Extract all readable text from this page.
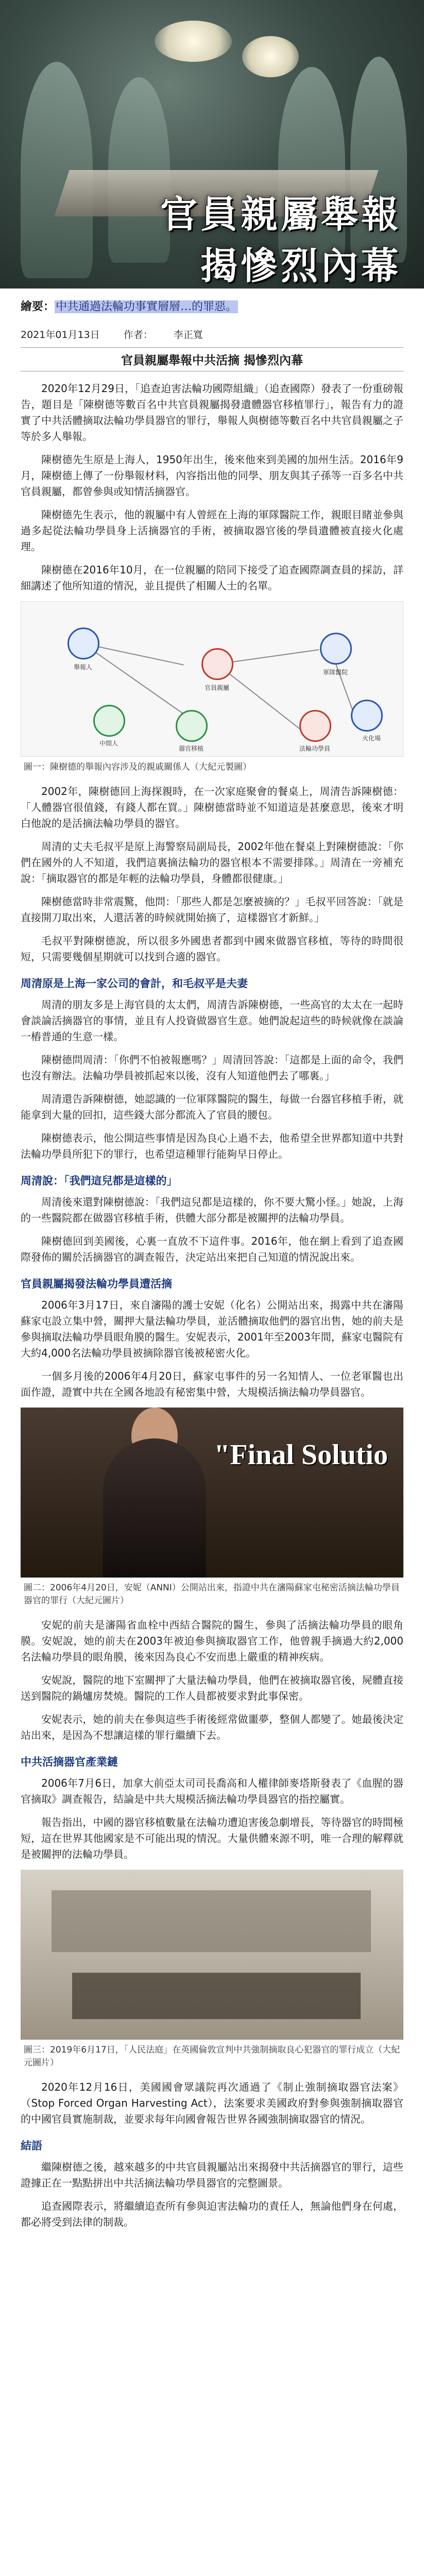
官員親屬舉報
揭慘烈內幕

繪要：中共通過法輪功事實層層…的罪惡。

2021年01月13日 作者： 李正寬
官員親屬舉報中共活摘 揭慘烈內幕

2020年12月29日，「追查迫害法輪功國際組織」（追查國際）發表了一份重磅報告，題目是「陳樹德等數百名中共官員親屬揭發遺體器官移植罪行」，報告有力的證實了中共活體摘取法輪功學員器官的罪行，舉報人與樹德等數百名中共官員親屬之子等於多人舉報。

陳樹德先生原是上海人，1950年出生，後來他來到美國的加州生活。2016年9月，陳樹德上傳了一份舉報材料，內容指出他的同學、朋友與其子孫等一百多名中共官員親屬，都曾參與或知情活摘器官。

陳樹德先生表示，他的親屬中有人曾經在上海的軍隊醫院工作，親眼目睹並參與過多起從法輪功學員身上活摘器官的手術，被摘取器官後的學員遺體被直接火化處理。

陳樹德在2016年10月，在一位親屬的陪同下接受了追查國際調查員的採訪，詳細講述了他所知道的情況，並且提供了相關人士的名單。

舉報人
官員親屬
軍隊醫院
器官移植	法輪功學員
火化場
中間人
圖一：陳樹德的舉報內容涉及的親戚關係人（大紀元製圖）

2002年，陳樹德回上海探親時，在一次家庭聚會的餐桌上，周清告訴陳樹德：「人體器官很值錢，有錢人都在買。」陳樹德當時並不知道這是甚麼意思，後來才明白他說的是活摘法輪功學員的器官。

周清的丈夫毛叔平是原上海警察局副局長，2002年他在餐桌上對陳樹德說：「你們在國外的人不知道，我們這裏摘法輪功的器官根本不需要排隊。」周清在一旁補充說：「摘取器官的都是年輕的法輪功學員，身體都很健康。」

陳樹德當時非常震驚，他問：「那些人都是怎麼被摘的？」毛叔平回答說：「就是直接開刀取出來，人還活著的時候就開始摘了，這樣器官才新鮮。」

毛叔平對陳樹德說，所以很多外國患者都到中國來做器官移植，等待的時間很短，只需要幾個星期就可以找到合適的器官。

周清原是上海一家公司的會計，和毛叔平是夫妻

周清的朋友多是上海官員的太太們，周清告訴陳樹德，一些高官的太太在一起時會談論活摘器官的事情，並且有人投資做器官生意。她們說起這些的時候就像在談論一樁普通的生意一樣。

陳樹德問周清：「你們不怕被報應嗎？」周清回答說：「這都是上面的命令，我們也沒有辦法。法輪功學員被抓起來以後，沒有人知道他們去了哪裏。」

周清還告訴陳樹德，她認識的一位軍隊醫院的醫生，每做一台器官移植手術，就能拿到大量的回扣，這些錢大部分都流入了官員的腰包。

陳樹德表示，他公開這些事情是因為良心上過不去，他希望全世界都知道中共對法輪功學員所犯下的罪行，也希望這種罪行能夠早日停止。

周清說：「我們這兒都是這樣的」

周清後來還對陳樹德說：「我們這兒都是這樣的，你不要大驚小怪。」她說，上海的一些醫院都在做器官移植手術，供體大部分都是被關押的法輪功學員。

陳樹德回到美國後，心裏一直放不下這件事。2016年，他在網上看到了追查國際發佈的關於活摘器官的調查報告，決定站出來把自己知道的情況說出來。

官員親屬揭發法輪功學員遭活摘

2006年3月17日，來自瀋陽的護士安妮（化名）公開站出來，揭露中共在瀋陽蘇家屯設立集中營，關押大量法輪功學員，並活體摘取他們的器官出售，她的前夫是參與摘取法輪功學員眼角膜的醫生。安妮表示，2001年至2003年間，蘇家屯醫院有大約4,000名法輪功學員被摘除器官後被秘密火化。

一個多月後的2006年4月20日，蘇家屯事件的另一名知情人、一位老軍醫也出面作證，證實中共在全國各地設有秘密集中營，大規模活摘法輪功學員器官。

"Final Solutio
圖二：2006年4月20日，安妮（ANNI）公開站出來，指證中共在瀋陽蘇家屯秘密活摘法輪功學員器官的罪行（大紀元圖片）

安妮的前夫是瀋陽省血栓中西結合醫院的醫生，參與了活摘法輪功學員的眼角膜。安妮說，她的前夫在2003年被迫參與摘取器官工作，他曾親手摘過大約2,000名法輪功學員的眼角膜，後來因為良心不安而患上嚴重的精神疾病。

安妮說，醫院的地下室關押了大量法輪功學員，他們在被摘取器官後，屍體直接送到醫院的鍋爐房焚燒。醫院的工作人員都被要求對此事保密。

安妮表示，她的前夫在參與這些手術後經常做噩夢，整個人都變了。她最後決定站出來，是因為不想讓這樣的罪行繼續下去。

中共活摘器官產業鏈

2006年7月6日，加拿大前亞太司司長喬高和人權律師麥塔斯發表了《血腥的器官摘取》調查報告，結論是中共大規模活摘法輪功學員器官的指控屬實。

報告指出，中國的器官移植數量在法輪功遭迫害後急劇增長，等待器官的時間極短，這在世界其他國家是不可能出現的情況。大量供體來源不明，唯一合理的解釋就是被關押的法輪功學員。

圖三：2019年6月17日，「人民法庭」在英國倫敦宣判中共強制摘取良心犯器官的罪行成立（大紀元圖片）

2020年12月16日，美國國會眾議院再次通過了《制止強制摘取器官法案》（Stop Forced Organ Harvesting Act），法案要求美國政府對參與強制摘取器官的中國官員實施制裁，並要求每年向國會報告世界各國強制摘取器官的情況。

結語

繼陳樹德之後，越來越多的中共官員親屬站出來揭發中共活摘器官的罪行，這些證據正在一點點拼出中共活摘法輪功學員器官的完整圖景。

追查國際表示，將繼續追查所有參與迫害法輪功的責任人，無論他們身在何處，都必將受到法律的制裁。
